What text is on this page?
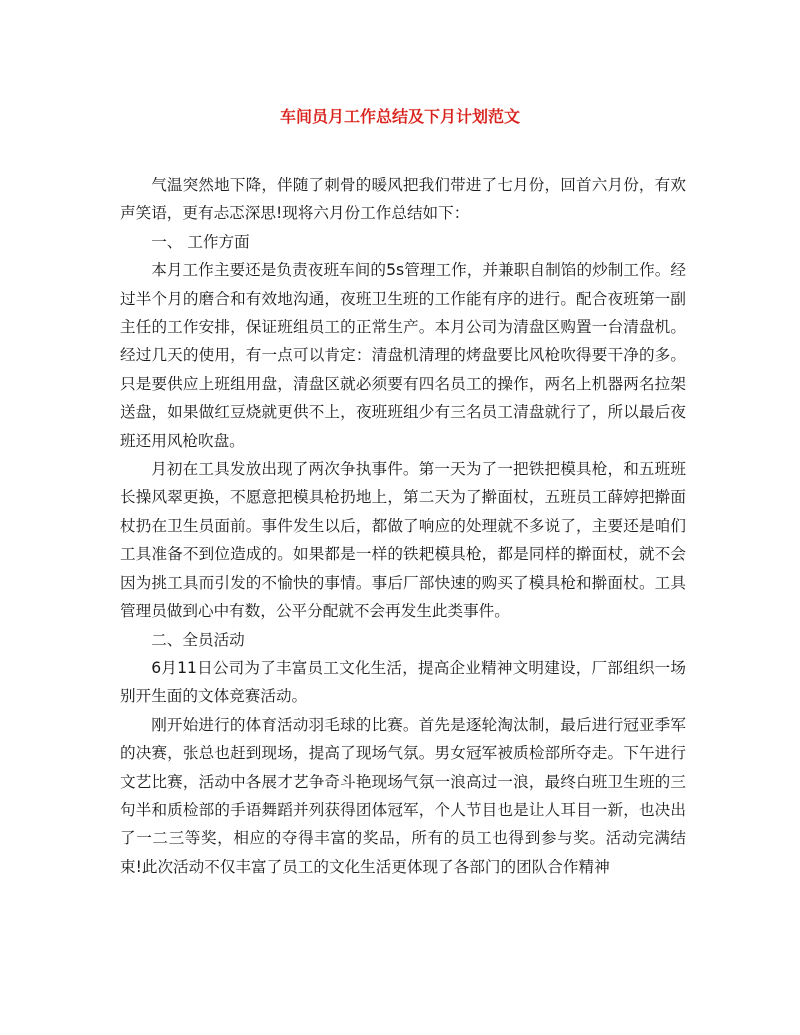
车间员月工作总结及下月计划范文

气温突然地下降，伴随了刺骨的暖风把我们带进了七月份，回首六月份，有欢声笑语，更有忐忑深思!现将六月份工作总结如下：

一、 工作方面

本月工作主要还是负责夜班车间的5s管理工作，并兼职自制馅的炒制工作。经过半个月的磨合和有效地沟通，夜班卫生班的工作能有序的进行。配合夜班第一副主任的工作安排，保证班组员工的正常生产。本月公司为清盘区购置一台清盘机。经过几天的使用，有一点可以肯定：清盘机清理的烤盘要比风枪吹得要干净的多。只是要供应上班组用盘，清盘区就必须要有四名员工的操作，两名上机器两名拉架送盘，如果做红豆烧就更供不上，夜班班组少有三名员工清盘就行了，所以最后夜班还用风枪吹盘。

月初在工具发放出现了两次争执事件。第一天为了一把铁把模具枪，和五班班长操风翠更换，不愿意把模具枪扔地上，第二天为了擀面杖，五班员工薛婷把擀面杖扔在卫生员面前。事件发生以后，都做了响应的处理就不多说了，主要还是咱们工具准备不到位造成的。如果都是一样的铁耙模具枪，都是同样的擀面杖，就不会因为挑工具而引发的不愉快的事情。事后厂部快速的购买了模具枪和擀面杖。工具管理员做到心中有数，公平分配就不会再发生此类事件。

二、全员活动

6月11日公司为了丰富员工文化生活，提高企业精神文明建设，厂部组织一场别开生面的文体竞赛活动。

刚开始进行的体育活动羽毛球的比赛。首先是逐轮淘汰制，最后进行冠亚季军的决赛，张总也赶到现场，提高了现场气氛。男女冠军被质检部所夺走。下午进行文艺比赛，活动中各展才艺争奇斗艳现场气氛一浪高过一浪，最终白班卫生班的三句半和质检部的手语舞蹈并列获得团体冠军，个人节目也是让人耳目一新，也决出了一二三等奖，相应的夺得丰富的奖品，所有的员工也得到参与奖。活动完满结束!此次活动不仅丰富了员工的文化生活更体现了各部门的团队合作精神
